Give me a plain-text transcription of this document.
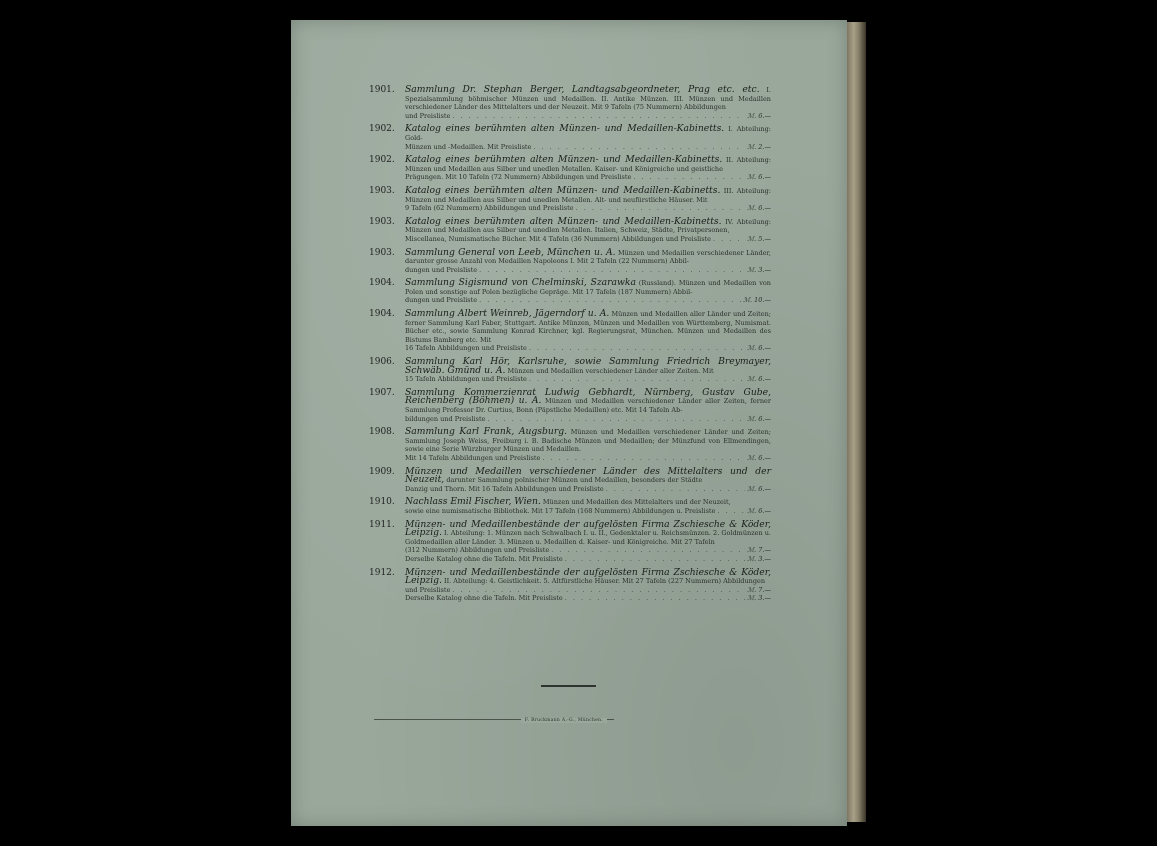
1901. Sammlung Dr. Stephan Berger, Landtagsabgeordneter, Prag etc. etc. I. Spezialsammlung böhmischer Münzen und Medaillen. II. Antike Münzen. III. Münzen und Medaillen verschiedener Länder des Mittelalters und der Neuzeit. Mit 9 Tafeln (75 Nummern) Abbildungen
und Preisliste . . .	ℳ. 6.—
1902. Katalog eines berühmten alten Münzen- und Medaillen-Kabinetts. I. Abteilung: Gold-
Münzen und -Medaillen. Mit Preisliste . . .	ℳ. 2.—
1902. Katalog eines berühmten alten Münzen- und Medaillen-Kabinetts. II. Abteilung: Münzen und Medaillen aus Silber und unedlen Metallen. Kaiser- und Königreiche und geistliche
Prägungen. Mit 10 Tafeln (72 Nummern) Abbildungen und Preisliste . . .	ℳ. 6.—
1903. Katalog eines berühmten alten Münzen- und Medaillen-Kabinetts. III. Abteilung: Münzen und Medaillen aus Silber und unedlen Metallen. Alt- und neufürstliche Häuser. Mit
9 Tafeln (62 Nummern) Abbildungen und Preisliste . . .	ℳ. 6.—
1903. Katalog eines berühmten alten Münzen- und Medaillen-Kabinetts. IV. Abteilung: Münzen und Medaillen aus Silber und unedlen Metallen. Italien, Schweiz, Städte, Privatpersonen,
Miscellanea, Numismatische Bücher. Mit 4 Tafeln (36 Nummern) Abbildungen und Preisliste . . .	ℳ. 5.—
1903. Sammlung General von Leeb, München u. A. Münzen und Medaillen verschiedener Länder, darunter grosse Anzahl von Medaillen Napoleons I. Mit 2 Tafeln (22 Nummern) Abbil-
dungen und Preisliste . . .	ℳ. 3.—
1904. Sammlung Sigismund von Chelminski, Szarawka (Russland). Münzen und Medaillen von Polen und sonstige auf Polen bezügliche Gepräge. Mit 17 Tafeln (187 Nummern) Abbil-
dungen und Preisliste . . .	ℳ. 10.—
1904. Sammlung Albert Weinreb, Jägerndorf u. A. Münzen und Medaillen aller Länder und Zeiten; ferner Sammlung Karl Faber, Stuttgart. Antike Münzen, Münzen und Medaillen von Württemberg, Numismat. Bücher etc., sowie Sammlung Konrad Kirchner, kgl. Regierungsrat, München. Münzen und Medaillen des Bistums Bamberg etc. Mit
16 Tafeln Abbildungen und Preisliste . . .	ℳ. 6.—
1906. Sammlung Karl Hör, Karlsruhe, sowie Sammlung Friedrich Breymayer, Schwäb. Gmünd u. A. Münzen und Medaillen verschiedener Länder aller Zeiten. Mit
15 Tafeln Abbildungen und Preisliste . . .	ℳ. 6.—
1907. Sammlung Kommerzienrat Ludwig Gebhardt, Nürnberg, Gustav Gube, Reichenberg (Böhmen) u. A. Münzen und Medaillen verschiedener Länder aller Zeiten, ferner Sammlung Professor Dr. Curtius, Bonn (Päpstliche Medaillen) etc. Mit 14 Tafeln Ab-
bildungen und Preisliste . . .	ℳ. 6.—
1908. Sammlung Karl Frank, Augsburg. Münzen und Medaillen verschiedener Länder und Zeiten; Sammlung Joseph Weiss, Freiburg i. B. Badische Münzen und Medaillen; der Münzfund von Ellmendingen, sowie eine Serie Würzburger Münzen und Medaillen.
Mit 14 Tafeln Abbildungen und Preisliste . . .	ℳ. 6.—
1909. Münzen und Medaillen verschiedener Länder des Mittelalters und der Neuzeit, darunter Sammlung polnischer Münzen und Medaillen, besonders der Städte
Danzig und Thorn. Mit 16 Tafeln Abbildungen und Preisliste . . .	ℳ. 6.—
1910. Nachlass Emil Fischer, Wien. Münzen und Medaillen des Mittelalters und der Neuzeit,
sowie eine numismatische Bibliothek. Mit 17 Tafeln (168 Nummern) Abbildungen u. Preisliste . . .	ℳ. 6.—
1911. Münzen- und Medaillenbestände der aufgelösten Firma Zschiesche & Köder, Leipzig. I. Abteilung: 1. Münzen nach Schwalbach I. u. II., Gedenktaler u. Reichsmünzen. 2. Goldmünzen u. Goldmedaillen aller Länder. 3. Münzen u. Medaillen d. Kaiser- und Königreiche. Mit 27 Tafeln
(312 Nummern) Abbildungen und Preisliste . . .	ℳ. 7.—
Derselbe Katalog ohne die Tafeln. Mit Preisliste . . .	ℳ. 3.—
1912. Münzen- und Medaillenbestände der aufgelösten Firma Zschiesche & Köder, Leipzig. II. Abteilung: 4. Geistlichkeit. 5. Altfürstliche Häuser. Mit 27 Tafeln (227 Nummern) Abbildungen
und Preisliste . . .	ℳ. 7.—
Derselbe Katalog ohne die Tafeln. Mit Preisliste . . .	ℳ. 3.—
F. Bruckmann A.-G., München.
